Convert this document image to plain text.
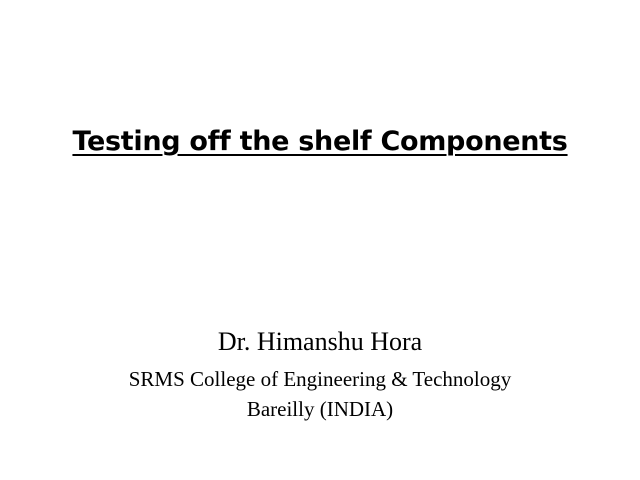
Testing off the shelf Components
Dr. Himanshu Hora
SRMS College of Engineering & Technology
Bareilly (INDIA)
